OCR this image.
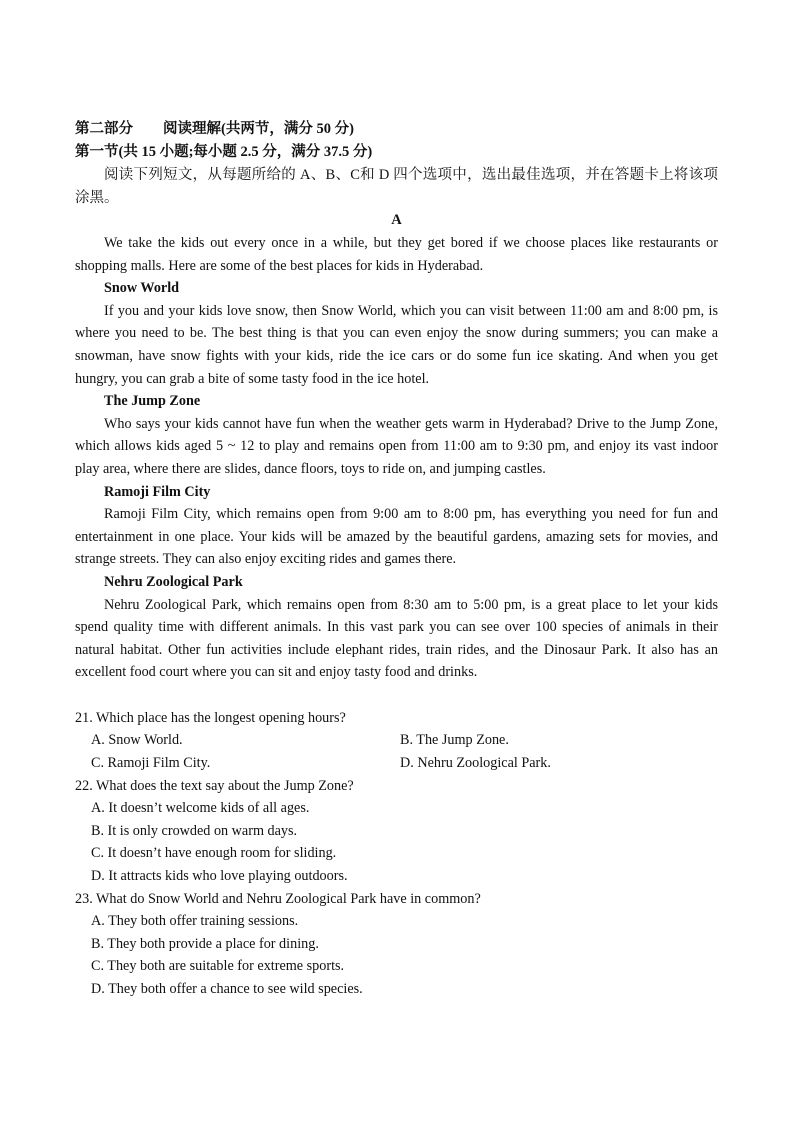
第二部分 阅读理解(共两节，满分 50 分)

第一节(共 15 小题;每小题 2.5 分，满分 37.5 分)

阅读下列短文，从每题所给的 A、B、C和 D 四个选项中，选出最佳选项，并在答题卡上将该项涂黑。

A

We take the kids out every once in a while, but they get bored if we choose places like restaurants or shopping malls. Here are some of the best places for kids in Hyderabad.

Snow World

If you and your kids love snow, then Snow World, which you can visit between 11:00 am and 8:00 pm, is where you need to be. The best thing is that you can even enjoy the snow during summers; you can make a snowman, have snow fights with your kids, ride the ice cars or do some fun ice skating. And when you get hungry, you can grab a bite of some tasty food in the ice hotel.

The Jump Zone

Who says your kids cannot have fun when the weather gets warm in Hyderabad? Drive to the Jump Zone, which allows kids aged 5 ~ 12 to play and remains open from 11:00 am to 9:30 pm, and enjoy its vast indoor play area, where there are slides, dance floors, toys to ride on, and jumping castles.

Ramoji Film City

Ramoji Film City, which remains open from 9:00 am to 8:00 pm, has everything you need for fun and entertainment in one place. Your kids will be amazed by the beautiful gardens, amazing sets for movies, and strange streets. They can also enjoy exciting rides and games there.

Nehru Zoological Park

Nehru Zoological Park, which remains open from 8:30 am to 5:00 pm, is a great place to let your kids spend quality time with different animals. In this vast park you can see over 100 species of animals in their natural habitat. Other fun activities include elephant rides, train rides, and the Dinosaur Park. It also has an excellent food court where you can sit and enjoy tasty food and drinks.

21. Which place has the longest opening hours?

A. Snow World.	B. The Jump Zone.
C. Ramoji Film City.	D. Nehru Zoological Park.

22. What does the text say about the Jump Zone?

A. It doesn’t welcome kids of all ages.

B. It is only crowded on warm days.

C. It doesn’t have enough room for sliding.

D. It attracts kids who love playing outdoors.

23. What do Snow World and Nehru Zoological Park have in common?

A. They both offer training sessions.

B. They both provide a place for dining.

C. They both are suitable for extreme sports.

D. They both offer a chance to see wild species.
